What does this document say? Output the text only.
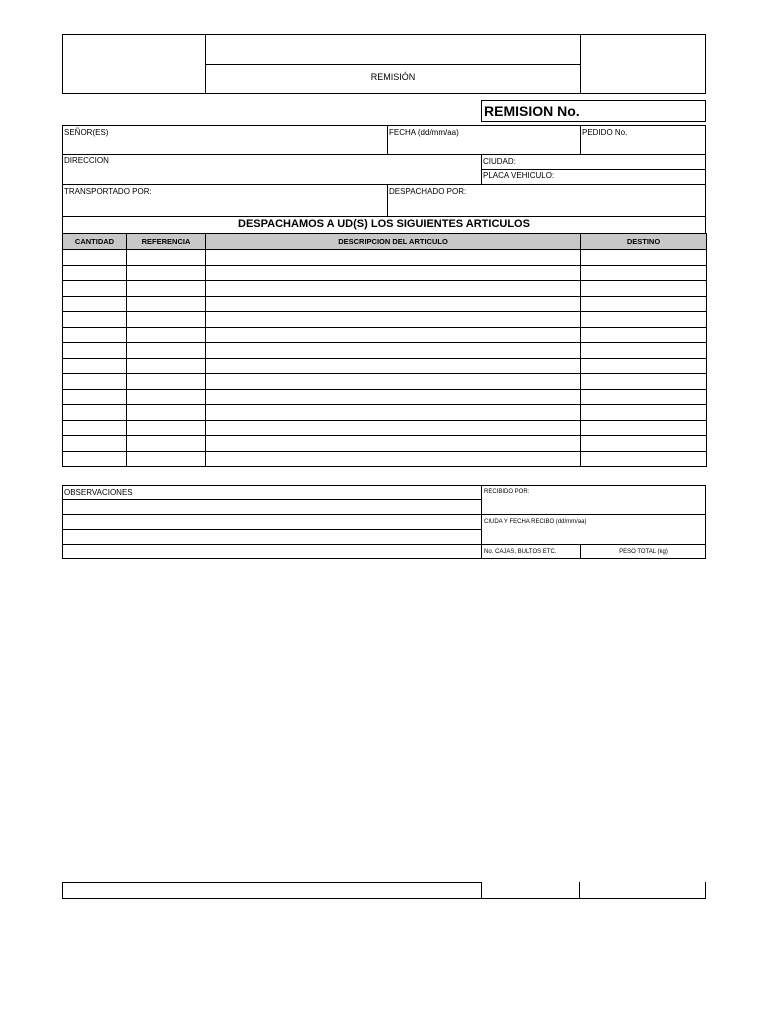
REMISIÓN
REMISION No.
SEÑOR(ES)	FECHA (dd/mm/aa)	PEDIDO No.
DIRECCION	CIUDAD:
PLACA VEHICULO:
TRANSPORTADO POR:	DESPACHADO POR:
DESPACHAMOS A UD(S) LOS SIGUIENTES ARTICULOS
CANTIDAD	REFERENCIA	DESCRIPCION DEL ARTICULO	DESTINO

OBSERVACIONES	RECIBIDO POR:
CIUDA Y FECHA RECIBO (dd/mm/aa)
No. CAJAS, BULTOS ETC.	PESO TOTAL (kg)
